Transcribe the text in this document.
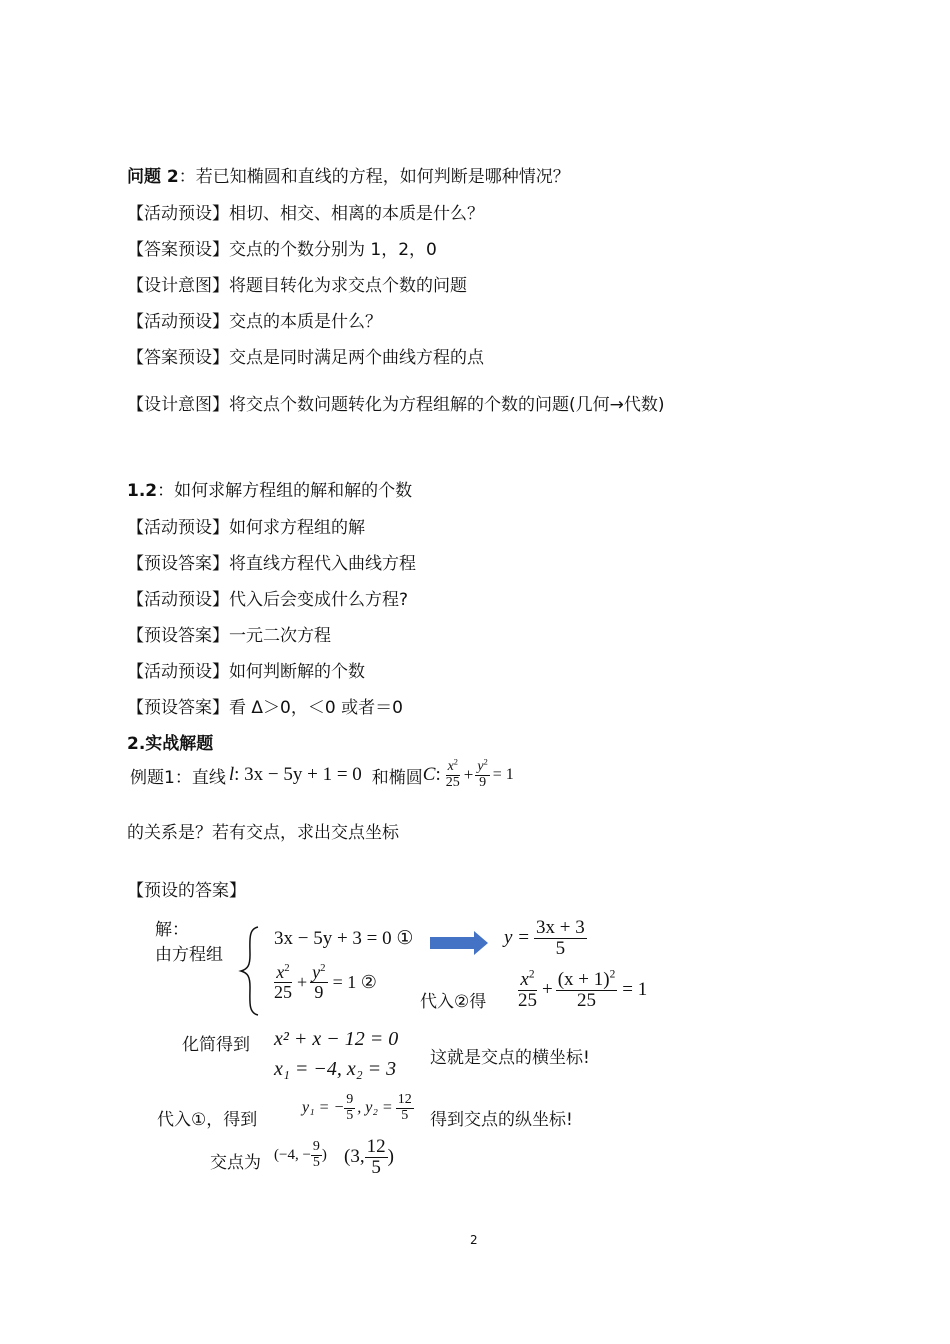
问题 2：若已知椭圆和直线的方程，如何判断是哪种情况？
【活动预设】相切、相交、相离的本质是什么？
【答案预设】交点的个数分别为 1，2，0
【设计意图】将题目转化为求交点个数的问题
【活动预设】交点的本质是什么？
【答案预设】交点是同时满足两个曲线方程的点
【设计意图】将交点个数问题转化为方程组解的个数的问题(几何→代数)
1.2：如何求解方程组的解和解的个数
【活动预设】如何求方程组的解
【预设答案】将直线方程代入曲线方程
【活动预设】代入后会变成什么方程?
【预设答案】一元二次方程
【活动预设】如何判断解的个数
【预设答案】看 Δ＞0，＜0 或者＝0
2.实战解题
例题1：直线 l : 3x − 5y + 1 = 0 和椭圆 C : $\frac{x^2}{25} + \frac{y^2}{9} = 1$
的关系是？若有交点，求出交点坐标
【预设的答案】
解：
由方程组
3x − 5y + 3 = 0 ①
$\frac{x^2}{25} + \frac{y^2}{9} = 1$ ②
$y = \frac{3x + 3}{5}$
代入②得 $\frac{x^2}{25} + \frac{(x + 1)^2}{25} = 1$
化简得到 x² + x − 12 = 0
x₁ = −4, x₂ = 3 这就是交点的横坐标!
代入①，得到
y₁ = − $\frac{9}{5}$ , $y_2 = \frac{12}{5}$ 得到交点的纵坐标!
交点为 (−4, − $\frac{9}{5}$ ) (3, $\frac{12}{5}$ )
2
